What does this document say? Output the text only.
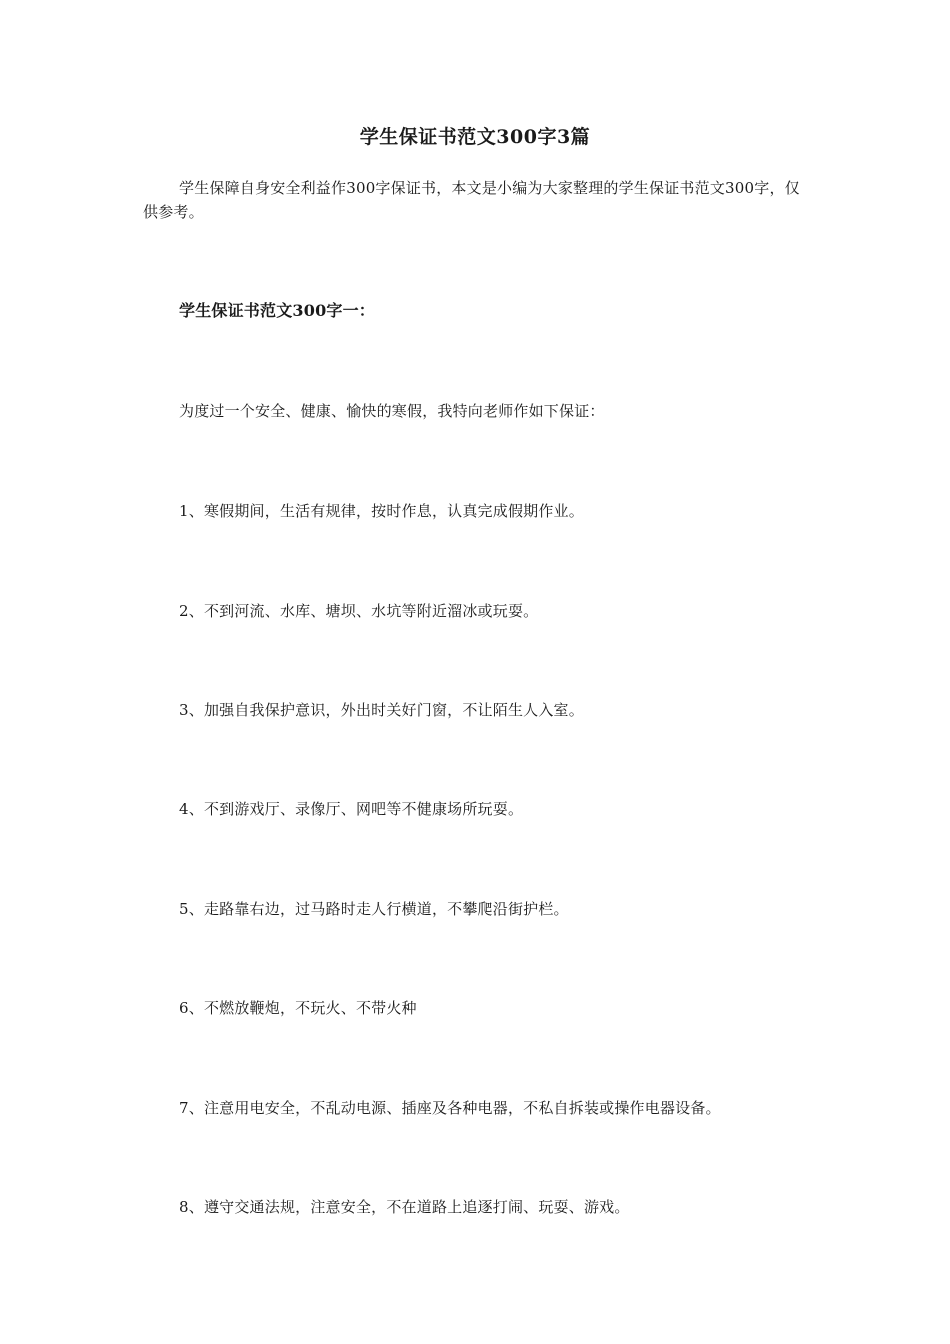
学生保证书范文300字3篇
学生保障自身安全利益作300字保证书，本文是小编为大家整理的学生保证书范文300字，仅供参考。
学生保证书范文300字一：
为度过一个安全、健康、愉快的寒假，我特向老师作如下保证：
1、寒假期间，生活有规律，按时作息，认真完成假期作业。
2、不到河流、水库、塘坝、水坑等附近溜冰或玩耍。
3、加强自我保护意识，外出时关好门窗，不让陌生人入室。
4、不到游戏厅、录像厅、网吧等不健康场所玩耍。
5、走路靠右边，过马路时走人行横道，不攀爬沿街护栏。
6、不燃放鞭炮，不玩火、不带火种
7、注意用电安全，不乱动电源、插座及各种电器，不私自拆装或操作电器设备。
8、遵守交通法规，注意安全，不在道路上追逐打闹、玩耍、游戏。
